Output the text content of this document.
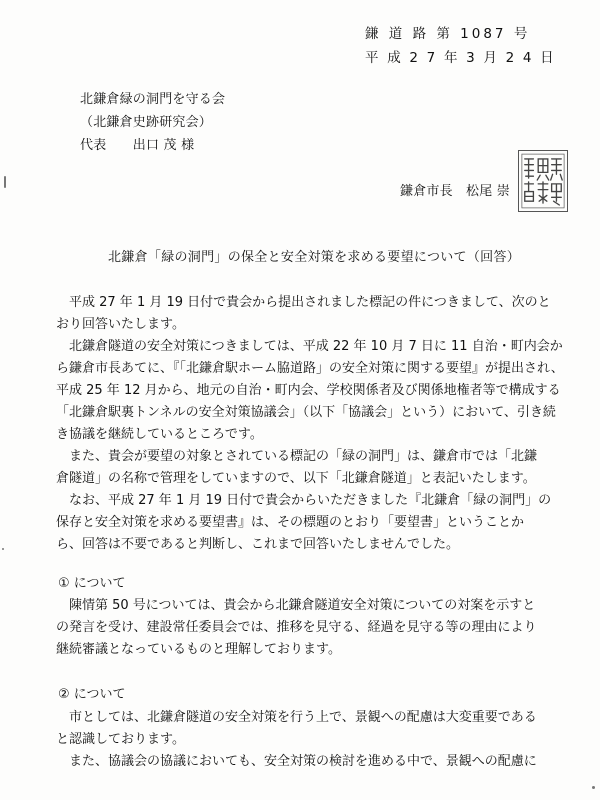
鎌 道 路 第 1087 号
平 成 2 7 年 3 月 2 4 日
北鎌倉緑の洞門を守る会
（北鎌倉史跡研究会）
代表　　出口 茂 様
鎌倉市長　松尾 崇
北鎌倉「緑の洞門」の保全と安全対策を求める要望について（回答）
平成 27 年 1 月 19 日付で貴会から提出されました標記の件につきまして、次のと
おり回答いたします。
北鎌倉隧道の安全対策につきましては、平成 22 年 10 月 7 日に 11 自治・町内会か
ら鎌倉市長あてに、『「北鎌倉駅ホーム脇道路」の安全対策に関する要望』が提出され、
平成 25 年 12 月から、地元の自治・町内会、学校関係者及び関係地権者等で構成する
「北鎌倉駅裏トンネルの安全対策協議会」（以下「協議会」という）において、引き続
き協議を継続しているところです。
また、貴会が要望の対象とされている標記の「緑の洞門」は、鎌倉市では「北鎌
倉隧道」の名称で管理をしていますので、以下「北鎌倉隧道」と表記いたします。
なお、平成 27 年 1 月 19 日付で貴会からいただきました『北鎌倉「緑の洞門」の
保存と安全対策を求める要望書』は、その標題のとおり「要望書」ということか
ら、回答は不要であると判断し、これまで回答いたしませんでした。
① について
陳情第 50 号については、貴会から北鎌倉隧道安全対策についての対案を示すと
の発言を受け、建設常任委員会では、推移を見守る、経過を見守る等の理由により
継続審議となっているものと理解しております。
② について
市としては、北鎌倉隧道の安全対策を行う上で、景観への配慮は大変重要である
と認識しております。
また、協議会の協議においても、安全対策の検討を進める中で、景観への配慮に
